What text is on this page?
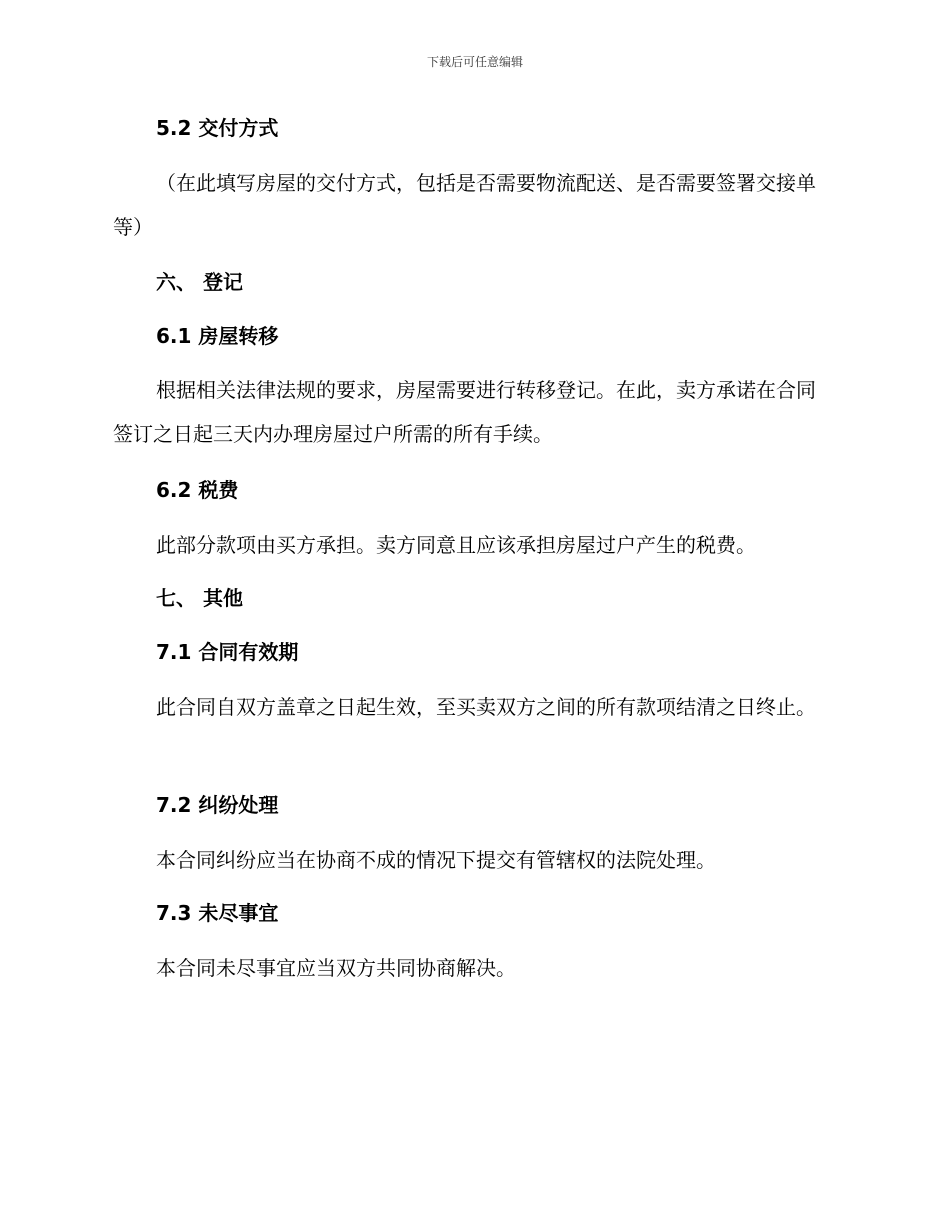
下载后可任意编辑
5.2 交付方式
（在此填写房屋的交付方式，包括是否需要物流配送、是否需要签署交接单等）
六、 登记
6.1 房屋转移
根据相关法律法规的要求，房屋需要进行转移登记。在此，卖方承诺在合同签订之日起三天内办理房屋过户所需的所有手续。
6.2 税费
此部分款项由买方承担。卖方同意且应该承担房屋过户产生的税费。
七、 其他
7.1 合同有效期
此合同自双方盖章之日起生效，至买卖双方之间的所有款项结清之日终止。
7.2 纠纷处理
本合同纠纷应当在协商不成的情况下提交有管辖权的法院处理。
7.3 未尽事宜
本合同未尽事宜应当双方共同协商解决。
